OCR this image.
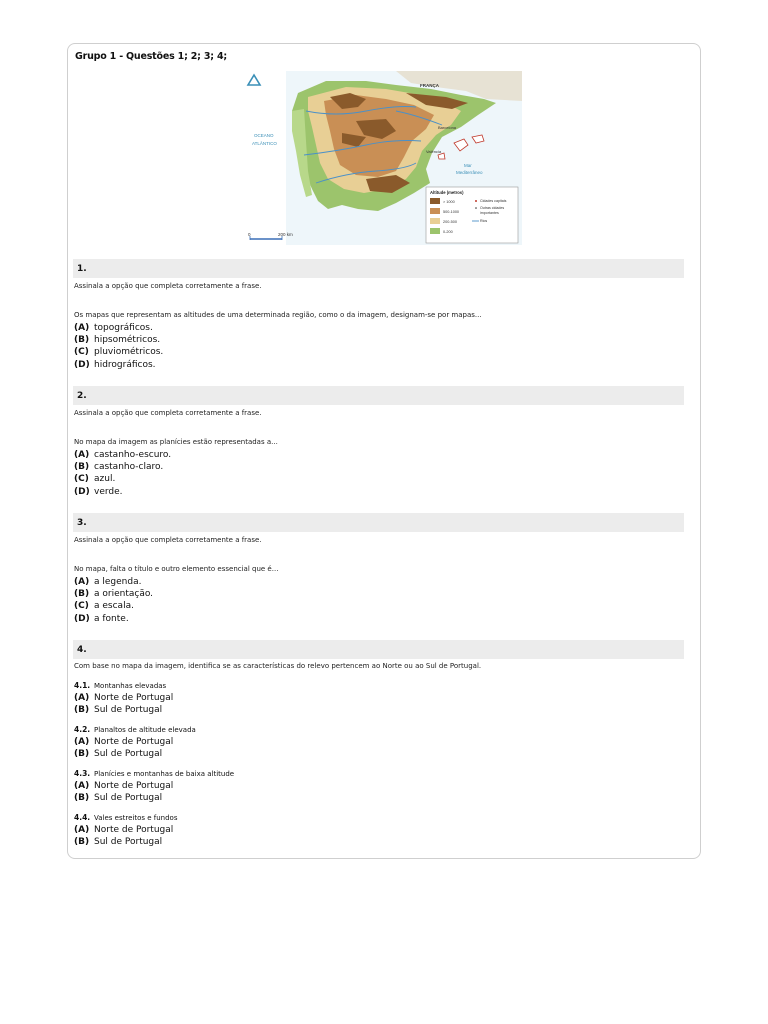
Grupo 1 - Questões 1; 2; 3; 4;
FRANÇA
OCEANO
ATLÂNTICO
Mar
Mediterrâneo
Barcelona
Valência
0	200 km
Altitude (metros)
> 1000
500-1000
200-500
0-200
Cidades capitais
Outras cidades
importantes
Rios
1.
Assinala a opção que completa corretamente a frase.
Os mapas que representam as altitudes de uma determinada região, como o da imagem, designam-se por mapas...
(A) topográficos.
(B) hipsométricos.
(C) pluviométricos.
(D) hidrográficos.
2.
Assinala a opção que completa corretamente a frase.
No mapa da imagem as planícies estão representadas a...
(A) castanho-escuro.
(B) castanho-claro.
(C) azul.
(D) verde.
3.
Assinala a opção que completa corretamente a frase.
No mapa, falta o título e outro elemento essencial que é...
(A) a legenda.
(B) a orientação.
(C) a escala.
(D) a fonte.
4.
Com base no mapa da imagem, identifica se as características do relevo pertencem ao Norte ou ao Sul de Portugal.
4.1. Montanhas elevadas
(A) Norte de Portugal
(B) Sul de Portugal
4.2. Planaltos de altitude elevada
(A) Norte de Portugal
(B) Sul de Portugal
4.3. Planícies e montanhas de baixa altitude
(A) Norte de Portugal
(B) Sul de Portugal
4.4. Vales estreitos e fundos
(A) Norte de Portugal
(B) Sul de Portugal
